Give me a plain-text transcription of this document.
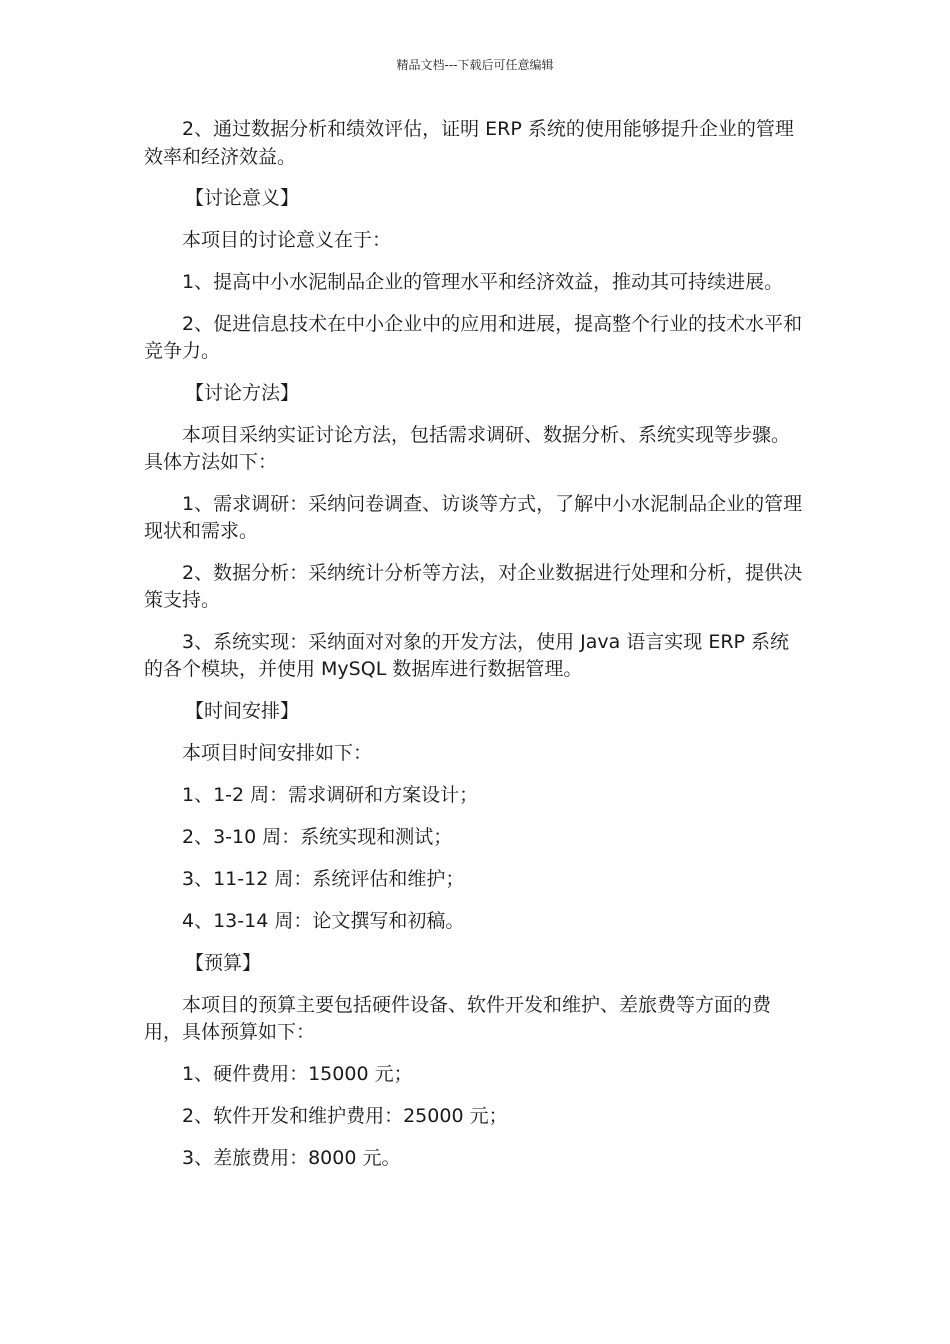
精品文档---下载后可任意编辑

2、通过数据分析和绩效评估，证明 ERP 系统的使用能够提升企业的管理效率和经济效益。

【讨论意义】

本项目的讨论意义在于：

1、提高中小水泥制品企业的管理水平和经济效益，推动其可持续进展。

2、促进信息技术在中小企业中的应用和进展，提高整个行业的技术水平和竞争力。

【讨论方法】

本项目采纳实证讨论方法，包括需求调研、数据分析、系统实现等步骤。具体方法如下：

1、需求调研：采纳问卷调查、访谈等方式，了解中小水泥制品企业的管理现状和需求。

2、数据分析：采纳统计分析等方法，对企业数据进行处理和分析，提供决策支持。

3、系统实现：采纳面对对象的开发方法，使用 Java 语言实现 ERP 系统的各个模块，并使用 MySQL 数据库进行数据管理。

【时间安排】

本项目时间安排如下：

1、1-2 周：需求调研和方案设计；

2、3-10 周：系统实现和测试；

3、11-12 周：系统评估和维护；

4、13-14 周：论文撰写和初稿。

【预算】

本项目的预算主要包括硬件设备、软件开发和维护、差旅费等方面的费用，具体预算如下：

1、硬件费用：15000 元；

2、软件开发和维护费用：25000 元；

3、差旅费用：8000 元。
